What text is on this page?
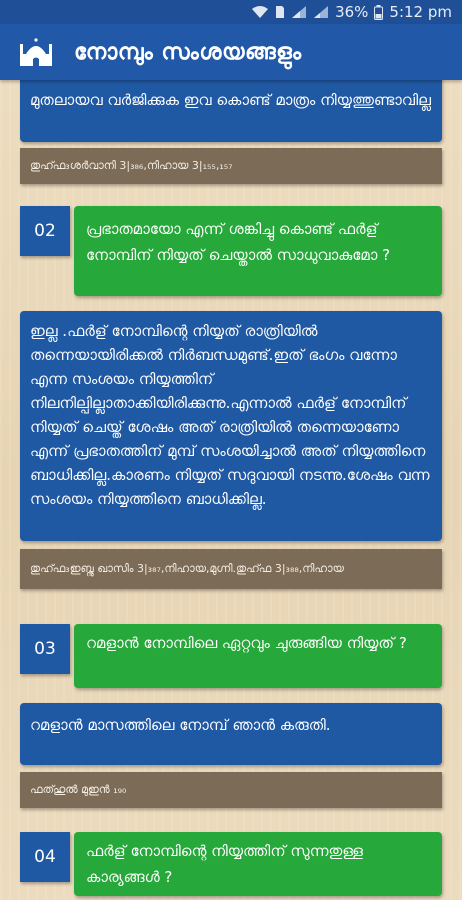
36% 5:12 pm
നോമ്പും സംശയങ്ങളും
മുതലായവ വർജിക്കുക ഇവ കൊണ്ട് മാത്രം നിയ്യത്തുണ്ടാവില്ല
തുഹ്ഫ₃ശർവാനി 3|₃₈₆,നിഹായ 3|₁₅₅,₁₅₇
02	പ്രഭാതമായോ എന്ന് ശങ്കിച്ചു കൊണ്ട് ഫർള് നോമ്പിന് നിയ്യത് ചെയ്താൽ സാധുവാകുമോ ?
ഇല്ല .ഫർള് നോമ്പിന്റെ നിയ്യത് രാത്രിയിൽ തന്നെയായിരിക്കൽ നിർബന്ധമുണ്ട്.ഇത് ഭംഗം വന്നോ എന്ന സംശയം നിയ്യത്തിന് നിലനില്പില്ലാതാക്കിയിരിക്കുന്നു.എന്നാൽ ഫർള് നോമ്പിന് നിയ്യത് ചെയ്ത് ശേഷം അത് രാത്രിയിൽ തന്നെയാണോ എന്ന് പ്രഭാതത്തിന് മുമ്പ് സംശയിച്ചാൽ അത് നിയ്യത്തിനെ ബാധിക്കില്ല.കാരണം നിയ്യത് സദുവായി നടന്നു.ശേഷം വന്ന സംശയം നിയ്യത്തിനെ ബാധിക്കില്ല.
തുഹ്ഫ₃ഇബ്നു ഖാസിം 3|₃₈₇,നിഹായ,മുഗ്നി.തുഹ്ഫ 3|₃₈₈,നിഹായ
03	റമളാൻ നോമ്പിലെ ഏറ്റവും ചുരുങ്ങിയ നിയ്യത് ?
റമളാൻ മാസത്തിലെ നോമ്പ് ഞാൻ കരുതി.
ഫത്ഹുൽ മുഇൻ ₁₉₀
04	ഫർള് നോമ്പിന്റെ നിയ്യത്തിന് സുന്നതുള്ള കാര്യങ്ങൾ ?
